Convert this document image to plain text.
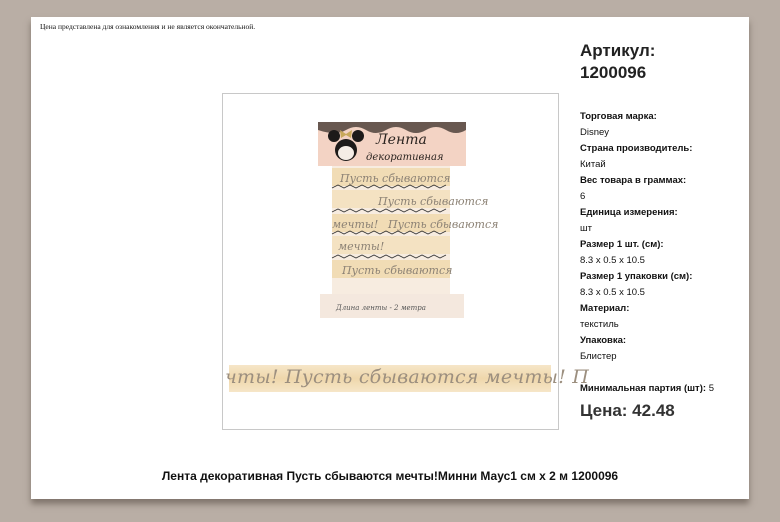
Цена представлена для ознакомления и не является окончательной.
Пусть сбываются
Пусть сбываются
мечты! Пусть сбываются
мечты!
Пусть сбываются
Лента
декоративная
Длина ленты - 2 метра
чты! Пусть сбываются мечты! П
Артикул:
1200096
Торговая марка:
Disney
Страна производитель:
Китай
Вес товара в граммах:
6
Единица измерения:
шт
Размер 1 шт. (см):
8.3 x 0.5 x 10.5
Размер 1 упаковки (см):
8.3 x 0.5 x 10.5
Материал:
текстиль
Упаковка:
Блистер
Минимальная партия (шт): 5
Цена: 42.48
Лента декоративная Пусть сбываются мечты!Минни Маус1 см х 2 м 1200096
